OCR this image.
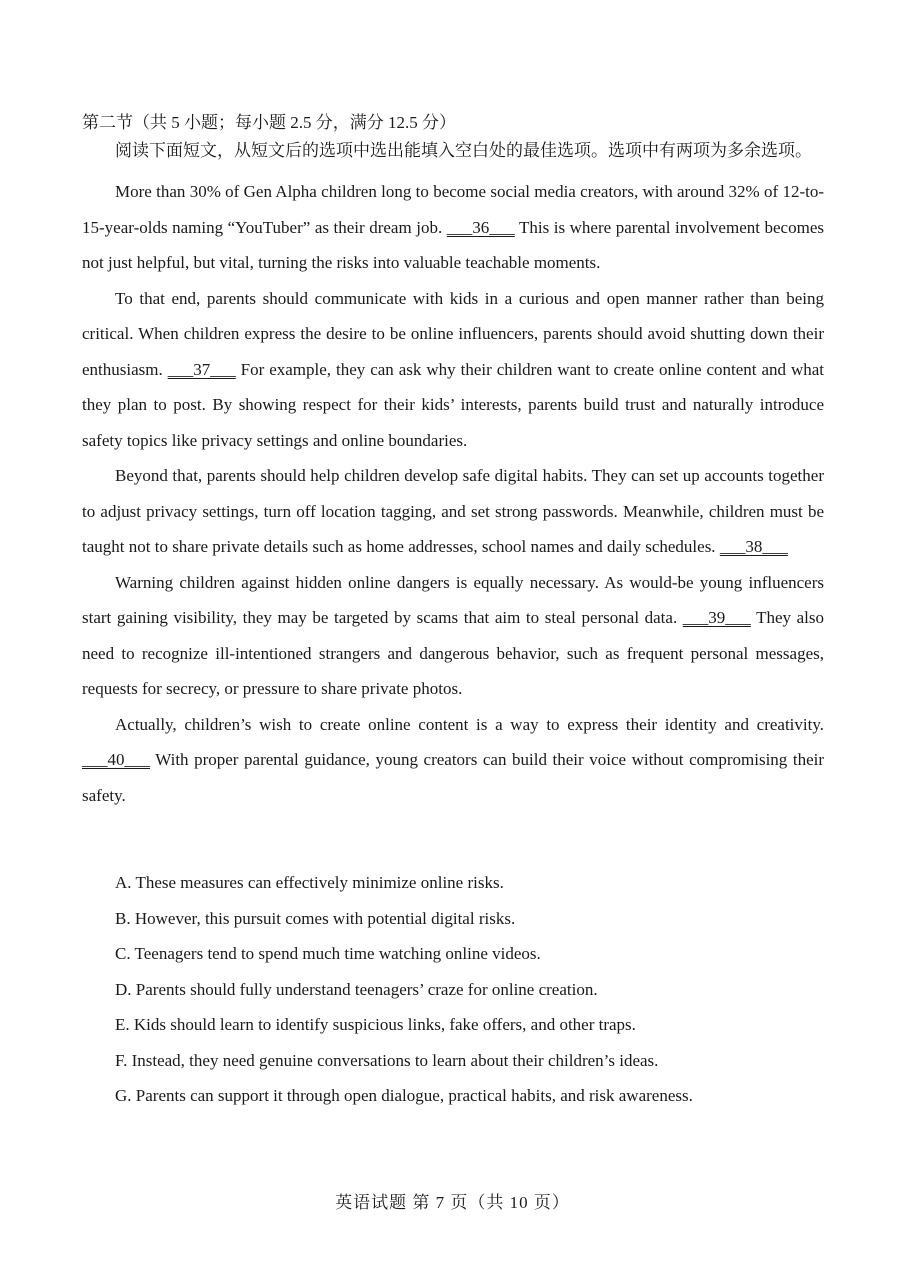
第二节（共 5 小题；每小题 2.5 分，满分 12.5 分）

阅读下面短文，从短文后的选项中选出能填入空白处的最佳选项。选项中有两项为多余选项。

More than 30% of Gen Alpha children long to become social media creators, with around 32% of 12-to-15-year-olds naming “YouTuber” as their dream job. ___36___ This is where parental involvement becomes not just helpful, but vital, turning the risks into valuable teachable moments.

To that end, parents should communicate with kids in a curious and open manner rather than being critical. When children express the desire to be online influencers, parents should avoid shutting down their enthusiasm. ___37___ For example, they can ask why their children want to create online content and what they plan to post. By showing respect for their kids’ interests, parents build trust and naturally introduce safety topics like privacy settings and online boundaries.

Beyond that, parents should help children develop safe digital habits. They can set up accounts together to adjust privacy settings, turn off location tagging, and set strong passwords. Meanwhile, children must be taught not to share private details such as home addresses, school names and daily schedules. ___38___

Warning children against hidden online dangers is equally necessary. As would-be young influencers start gaining visibility, they may be targeted by scams that aim to steal personal data. ___39___ They also need to recognize ill-intentioned strangers and dangerous behavior, such as frequent personal messages, requests for secrecy, or pressure to share private photos.

Actually, children’s wish to create online content is a way to express their identity and creativity. ___40___ With proper parental guidance, young creators can build their voice without compromising their safety.

A. These measures can effectively minimize online risks.

B. However, this pursuit comes with potential digital risks.

C. Teenagers tend to spend much time watching online videos.

D. Parents should fully understand teenagers’ craze for online creation.

E. Kids should learn to identify suspicious links, fake offers, and other traps.

F. Instead, they need genuine conversations to learn about their children’s ideas.

G. Parents can support it through open dialogue, practical habits, and risk awareness.

英语试题 第 7 页（共 10 页）
